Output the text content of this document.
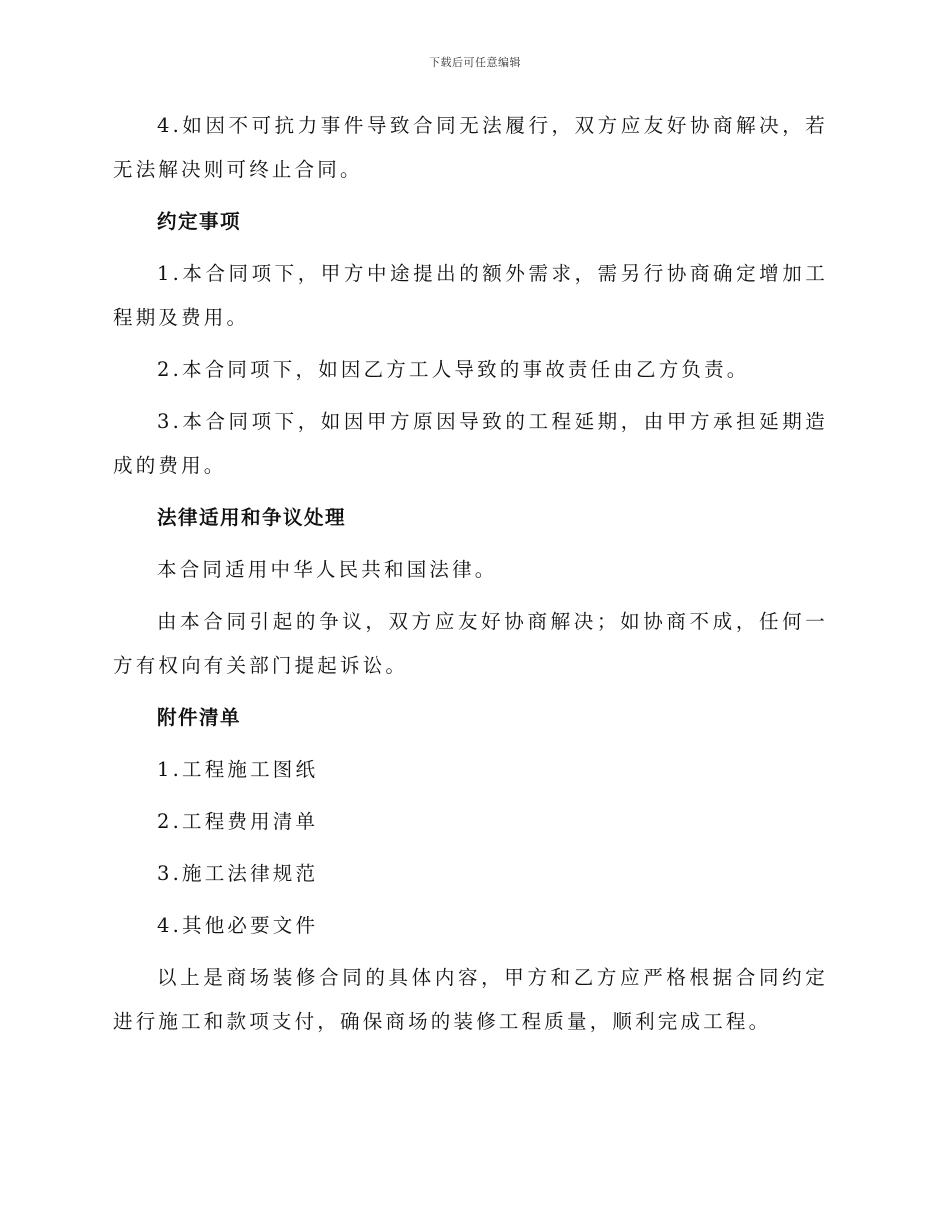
下载后可任意编辑

4.如因不可抗力事件导致合同无法履行，双方应友好协商解决，若无法解决则可终止合同。

约定事项

1.本合同项下，甲方中途提出的额外需求，需另行协商确定增加工程期及费用。

2.本合同项下，如因乙方工人导致的事故责任由乙方负责。

3.本合同项下，如因甲方原因导致的工程延期，由甲方承担延期造成的费用。

法律适用和争议处理

本合同适用中华人民共和国法律。

由本合同引起的争议，双方应友好协商解决；如协商不成，任何一方有权向有关部门提起诉讼。

附件清单

1.工程施工图纸

2.工程费用清单

3.施工法律规范

4.其他必要文件

以上是商场装修合同的具体内容，甲方和乙方应严格根据合同约定进行施工和款项支付，确保商场的装修工程质量，顺利完成工程。
